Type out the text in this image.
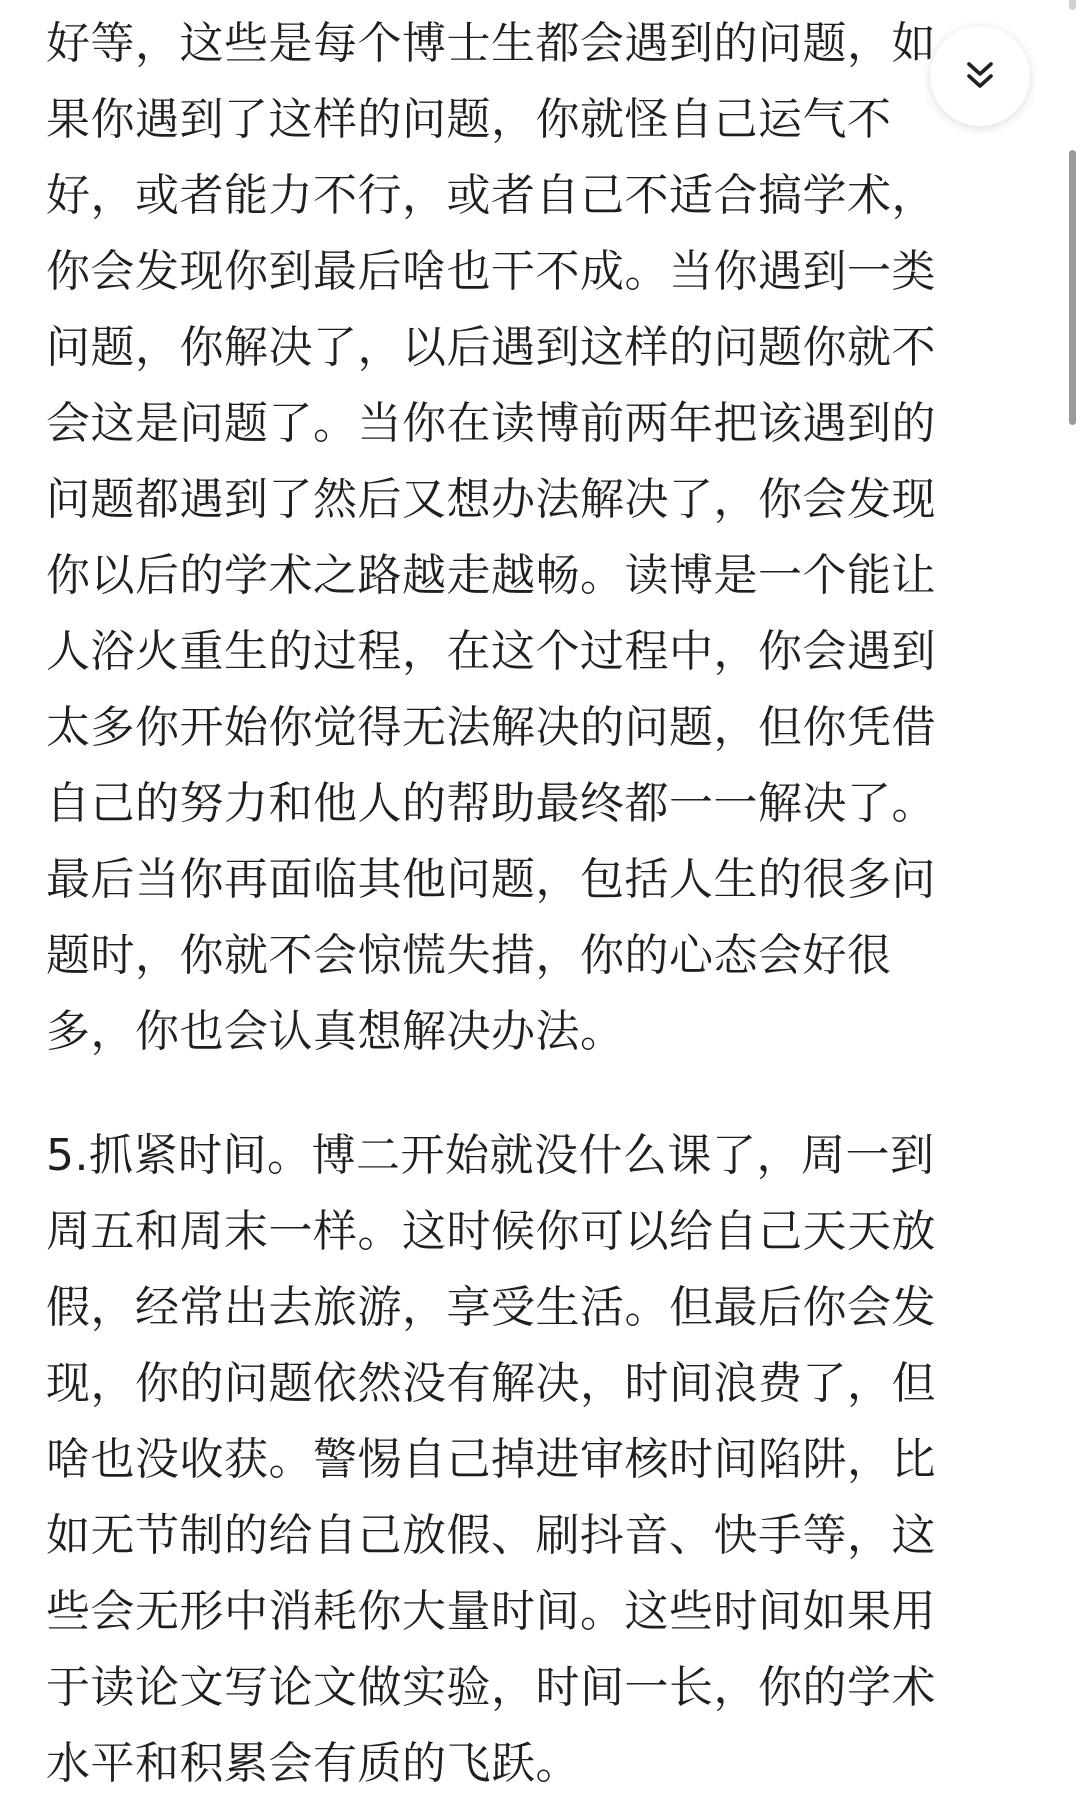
好等，这些是每个博士生都会遇到的问题，如
果你遇到了这样的问题，你就怪自己运气不
好，或者能力不行，或者自己不适合搞学术，
你会发现你到最后啥也干不成。当你遇到一类
问题，你解决了，以后遇到这样的问题你就不
会这是问题了。当你在读博前两年把该遇到的
问题都遇到了然后又想办法解决了，你会发现
你以后的学术之路越走越畅。读博是一个能让
人浴火重生的过程，在这个过程中，你会遇到
太多你开始你觉得无法解决的问题，但你凭借
自己的努力和他人的帮助最终都一一解决了。
最后当你再面临其他问题，包括人生的很多问
题时，你就不会惊慌失措，你的心态会好很
多，你也会认真想解决办法。

5.抓紧时间。博二开始就没什么课了，周一到
周五和周末一样。这时候你可以给自己天天放
假，经常出去旅游，享受生活。但最后你会发
现，你的问题依然没有解决，时间浪费了，但
啥也没收获。警惕自己掉进审核时间陷阱，比
如无节制的给自己放假、刷抖音、快手等，这
些会无形中消耗你大量时间。这些时间如果用
于读论文写论文做实验，时间一长，你的学术
水平和积累会有质的飞跃。
